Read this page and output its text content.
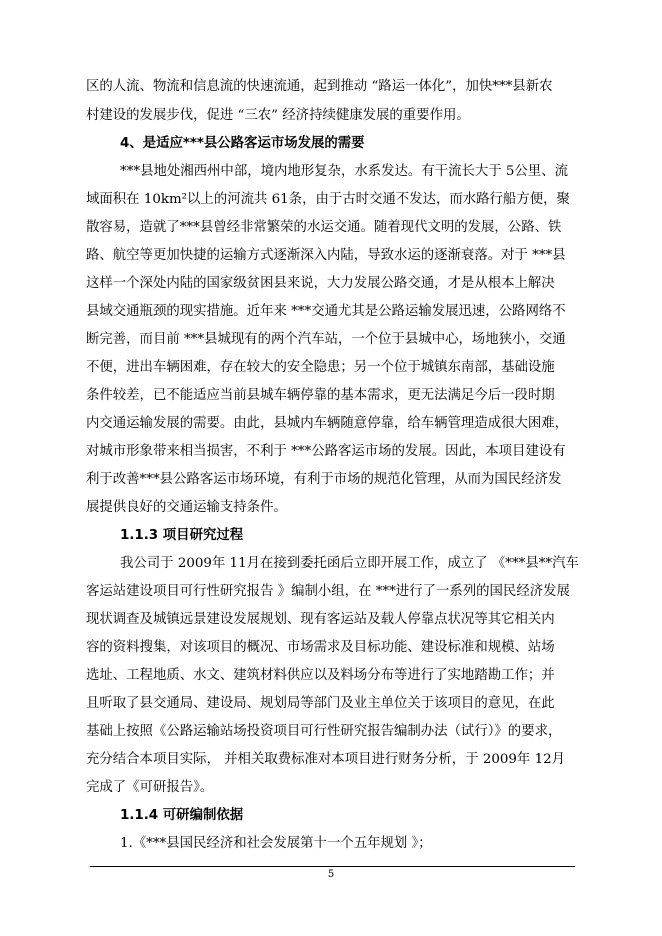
区的人流、物流和信息流的快速流通，起到推动 “路运一体化”，加快***县新农
村建设的发展步伐，促进 “三农” 经济持续健康发展的重要作用。
4、是适应***县公路客运市场发展的需要
***县地处湘西州中部，境内地形复杂，水系发达。有干流长大于 5公里、流
域面积在 10km²以上的河流共 61条，由于古时交通不发达，而水路行船方便，聚
散容易，造就了***县曾经非常繁荣的水运交通。随着现代文明的发展，公路、铁
路、航空等更加快捷的运输方式逐渐深入内陆，导致水运的逐渐衰落。对于 ***县
这样一个深处内陆的国家级贫困县来说，大力发展公路交通，才是从根本上解决
县域交通瓶颈的现实措施。近年来 ***交通尤其是公路运输发展迅速，公路网络不
断完善，而目前 ***县城现有的两个汽车站，一个位于县城中心，场地狭小，交通
不便，进出车辆困难，存在较大的安全隐患；另一个位于城镇东南部，基础设施
条件较差，已不能适应当前县城车辆停靠的基本需求，更无法满足今后一段时期
内交通运输发展的需要。由此，县城内车辆随意停靠，给车辆管理造成很大困难，
对城市形象带来相当损害，不利于 ***公路客运市场的发展。因此，本项目建设有
利于改善***县公路客运市场环境，有利于市场的规范化管理，从而为国民经济发
展提供良好的交通运输支持条件。
1.1.3 项目研究过程
我公司于 2009年 11月在接到委托函后立即开展工作，成立了 《***县**汽车
客运站建设项目可行性研究报告 》编制小组，在 ***进行了一系列的国民经济发展
现状调查及城镇远景建设发展规划、现有客运站及载人停靠点状况等其它相关内
容的资料搜集，对该项目的概况、市场需求及目标功能、建设标准和规模、站场
选址、工程地质、水文、建筑材料供应以及料场分布等进行了实地踏勘工作；并
且听取了县交通局、建设局、规划局等部门及业主单位关于该项目的意见，在此
基础上按照《公路运输站场投资项目可行性研究报告编制办法（试行）》的要求，
充分结合本项目实际， 并相关取费标准对本项目进行财务分析，于 2009年 12月
完成了《可研报告》。
1.1.4 可研编制依据
1.《***县国民经济和社会发展第十一个五年规划 》；
5
